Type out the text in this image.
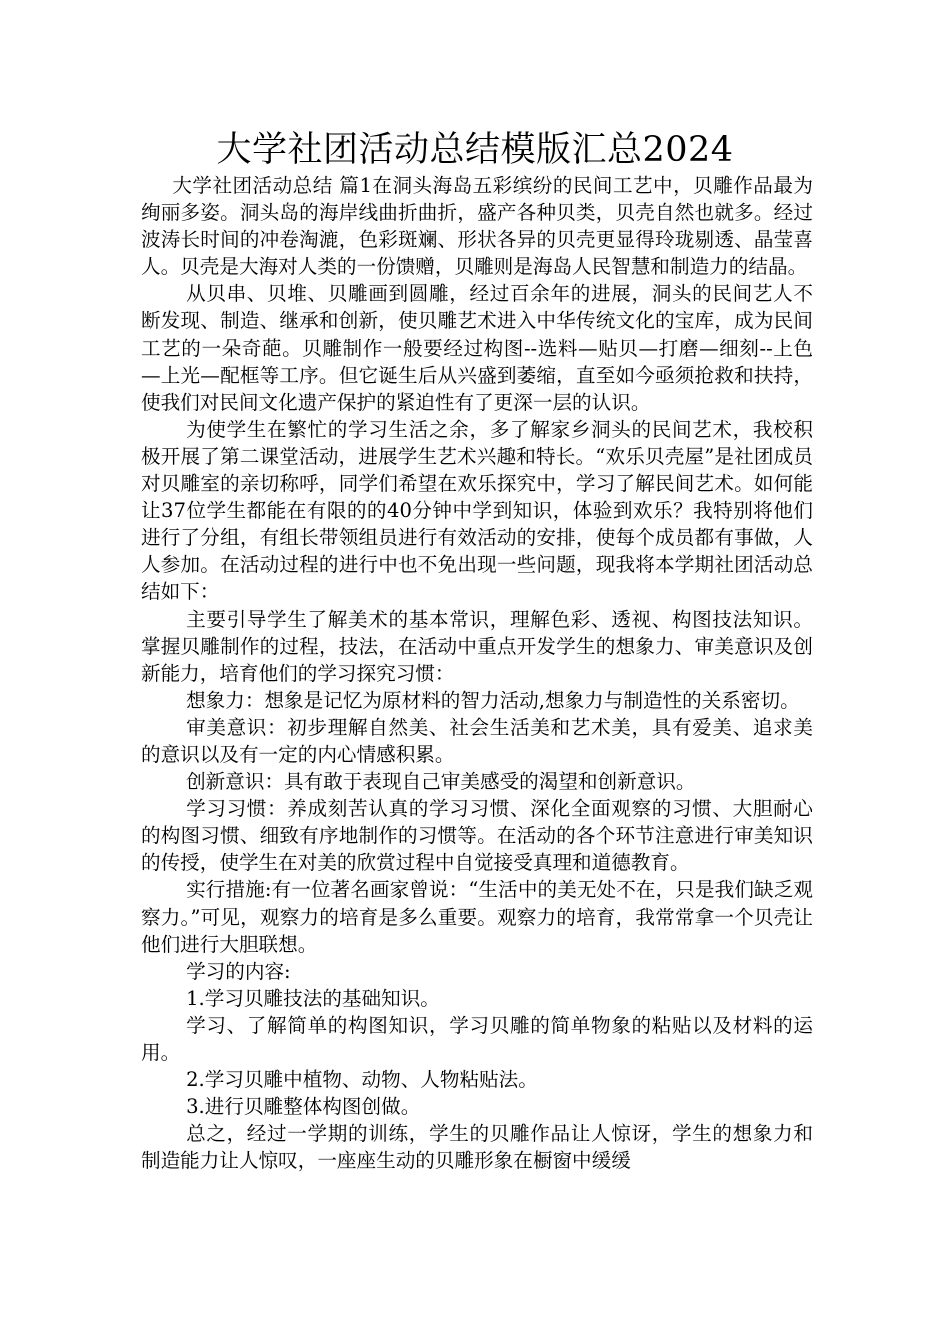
大学社团活动总结模版汇总2024

大学社团活动总结 篇1在洞头海岛五彩缤纷的民间工艺中，贝雕作品最为绚丽多姿。洞头岛的海岸线曲折曲折，盛产各种贝类，贝壳自然也就多。经过波涛长时间的冲卷淘漉，色彩斑斓、形状各异的贝壳更显得玲珑剔透、晶莹喜人。贝壳是大海对人类的一份馈赠，贝雕则是海岛人民智慧和制造力的结晶。

从贝串、贝堆、贝雕画到圆雕，经过百余年的进展，洞头的民间艺人不断发现、制造、继承和创新，使贝雕艺术进入中华传统文化的宝库，成为民间工艺的一朵奇葩。贝雕制作一般要经过构图--选料—贴贝—打磨—细刻--上色—上光—配框等工序。但它诞生后从兴盛到萎缩，直至如今亟须抢救和扶持，使我们对民间文化遗产保护的紧迫性有了更深一层的认识。

为使学生在繁忙的学习生活之余，多了解家乡洞头的民间艺术，我校积极开展了第二课堂活动，进展学生艺术兴趣和特长。“欢乐贝壳屋”是社团成员对贝雕室的亲切称呼，同学们希望在欢乐探究中，学习了解民间艺术。如何能让37位学生都能在有限的的40分钟中学到知识，体验到欢乐？我特别将他们进行了分组，有组长带领组员进行有效活动的安排，使每个成员都有事做，人人参加。在活动过程的进行中也不免出现一些问题，现我将本学期社团活动总结如下：

主要引导学生了解美术的基本常识，理解色彩、透视、构图技法知识。掌握贝雕制作的过程，技法，在活动中重点开发学生的想象力、审美意识及创新能力，培育他们的学习探究习惯：

想象力：想象是记忆为原材料的智力活动,想象力与制造性的关系密切。

审美意识：初步理解自然美、社会生活美和艺术美，具有爱美、追求美的意识以及有一定的内心情感积累。

创新意识：具有敢于表现自己审美感受的渴望和创新意识。

学习习惯：养成刻苦认真的学习习惯、深化全面观察的习惯、大胆耐心的构图习惯、细致有序地制作的习惯等。在活动的各个环节注意进行审美知识的传授，使学生在对美的欣赏过程中自觉接受真理和道德教育。

实行措施:有一位著名画家曾说：“生活中的美无处不在，只是我们缺乏观察力。”可见，观察力的培育是多么重要。观察力的培育，我常常拿一个贝壳让他们进行大胆联想。

学习的内容:

1.学习贝雕技法的基础知识。

学习、了解简单的构图知识，学习贝雕的简单物象的粘贴以及材料的运用。

2.学习贝雕中植物、动物、人物粘贴法。

3.进行贝雕整体构图创做。

总之，经过一学期的训练，学生的贝雕作品让人惊讶，学生的想象力和制造能力让人惊叹，一座座生动的贝雕形象在橱窗中缓缓
